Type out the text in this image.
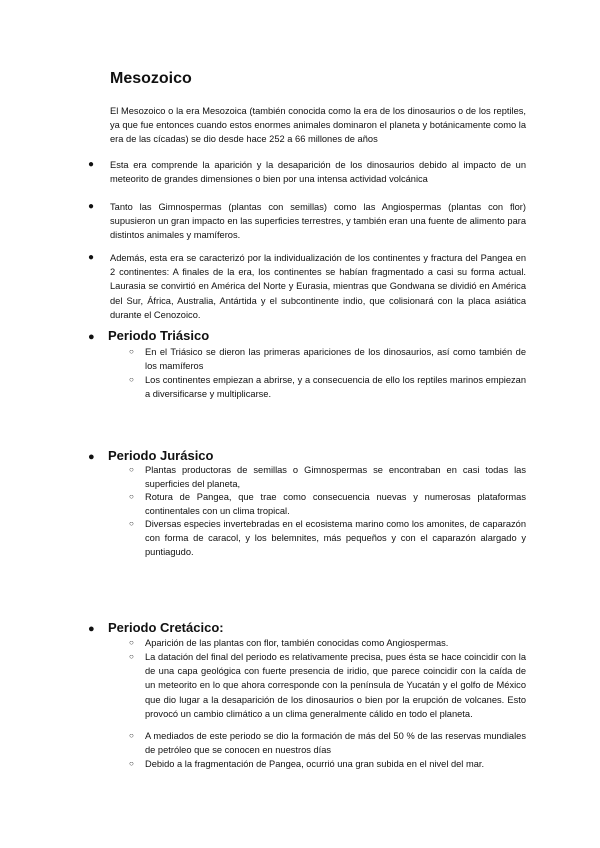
Mesozoico
El Mesozoico o la era Mesozoica (también conocida como la era de los dinosaurios o de los reptiles, ya que fue entonces cuando estos enormes animales dominaron el planeta y botánicamente como la era de las cícadas) se dio desde hace 252 a 66 millones de años
● Esta era comprende la aparición y la desaparición de los dinosaurios debido al impacto de un meteorito de grandes dimensiones o bien por una intensa actividad volcánica
● Tanto las Gimnospermas (plantas con semillas) como las Angiospermas (plantas con flor) supusieron un gran impacto en las superficies terrestres, y también eran una fuente de alimento para distintos animales y mamíferos.
● Además, esta era se caracterizó por la individualización de los continentes y fractura del Pangea en 2 continentes: A finales de la era, los continentes se habían fragmentado a casi su forma actual. Laurasia se convirtió en América del Norte y Eurasia, mientras que Gondwana se dividió en América del Sur, África, Australia, Antártida y el subcontinente indio, que colisionará con la placa asiática durante el Cenozoico.
● Periodo Triásico
○ En el Triásico se dieron las primeras apariciones de los dinosaurios, así como también de los mamíferos
○ Los continentes empiezan a abrirse, y a consecuencia de ello los reptiles marinos empiezan a diversificarse y multiplicarse.
● Periodo Jurásico
○ Plantas productoras de semillas o Gimnospermas se encontraban en casi todas las superficies del planeta,
○ Rotura de Pangea, que trae como consecuencia nuevas y numerosas plataformas continentales con un clima tropical.
○ Diversas especies invertebradas en el ecosistema marino como los amonites, de caparazón con forma de caracol, y los belemnites, más pequeños y con el caparazón alargado y puntiagudo.
● Periodo Cretácico:
○ Aparición de las plantas con flor, también conocidas como Angiospermas.
○ La datación del final del periodo es relativamente precisa, pues ésta se hace coincidir con la de una capa geológica con fuerte presencia de iridio, que parece coincidir con la caída de un meteorito en lo que ahora corresponde con la península de Yucatán y el golfo de México que dio lugar a la desaparición de los dinosaurios o bien por la erupción de volcanes. Esto provocó un cambio climático a un clima generalmente cálido en todo el planeta.
○ A mediados de este periodo se dio la formación de más del 50 % de las reservas mundiales de petróleo que se conocen en nuestros días
○ Debido a la fragmentación de Pangea, ocurrió una gran subida en el nivel del mar.
